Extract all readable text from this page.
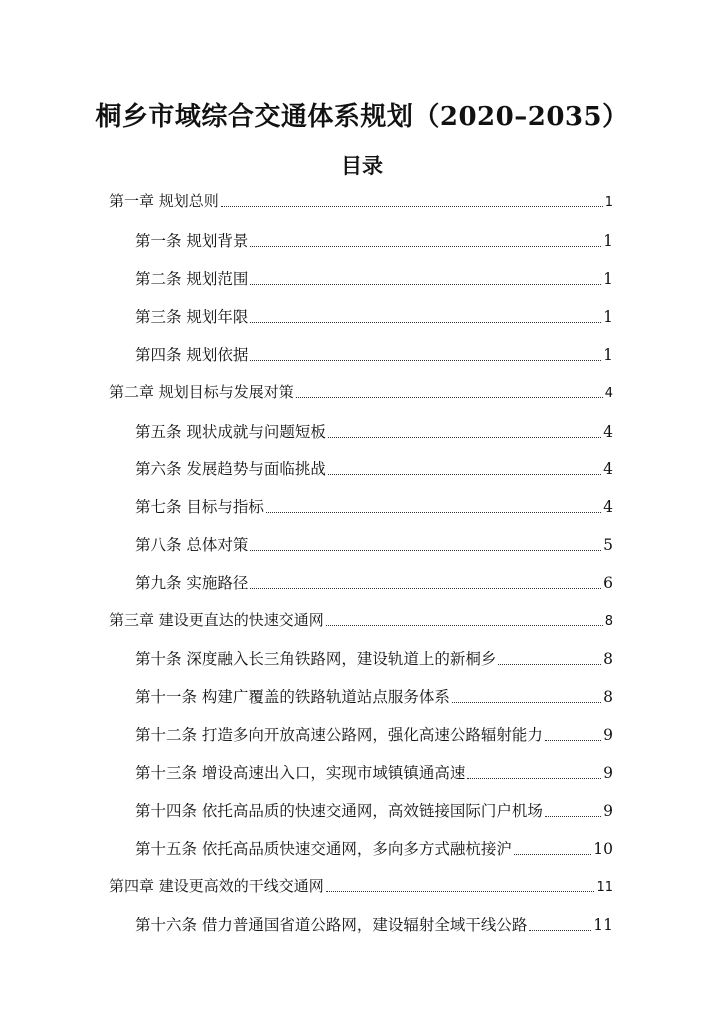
桐乡市域综合交通体系规划（2020–2035）
目录
第一章 规划总则	1
第一条 规划背景	1
第二条 规划范围	1
第三条 规划年限	1
第四条 规划依据	1
第二章 规划目标与发展对策	4
第五条 现状成就与问题短板	4
第六条 发展趋势与面临挑战	4
第七条 目标与指标	4
第八条 总体对策	5
第九条 实施路径	6
第三章 建设更直达的快速交通网	8
第十条 深度融入长三角铁路网，建设轨道上的新桐乡	8
第十一条 构建广覆盖的铁路轨道站点服务体系	8
第十二条 打造多向开放高速公路网，强化高速公路辐射能力	9
第十三条 增设高速出入口，实现市域镇镇通高速	9
第十四条 依托高品质的快速交通网，高效链接国际门户机场	9
第十五条 依托高品质快速交通网，多向多方式融杭接沪	10
第四章 建设更高效的干线交通网	11
第十六条 借力普通国省道公路网，建设辐射全域干线公路	11
